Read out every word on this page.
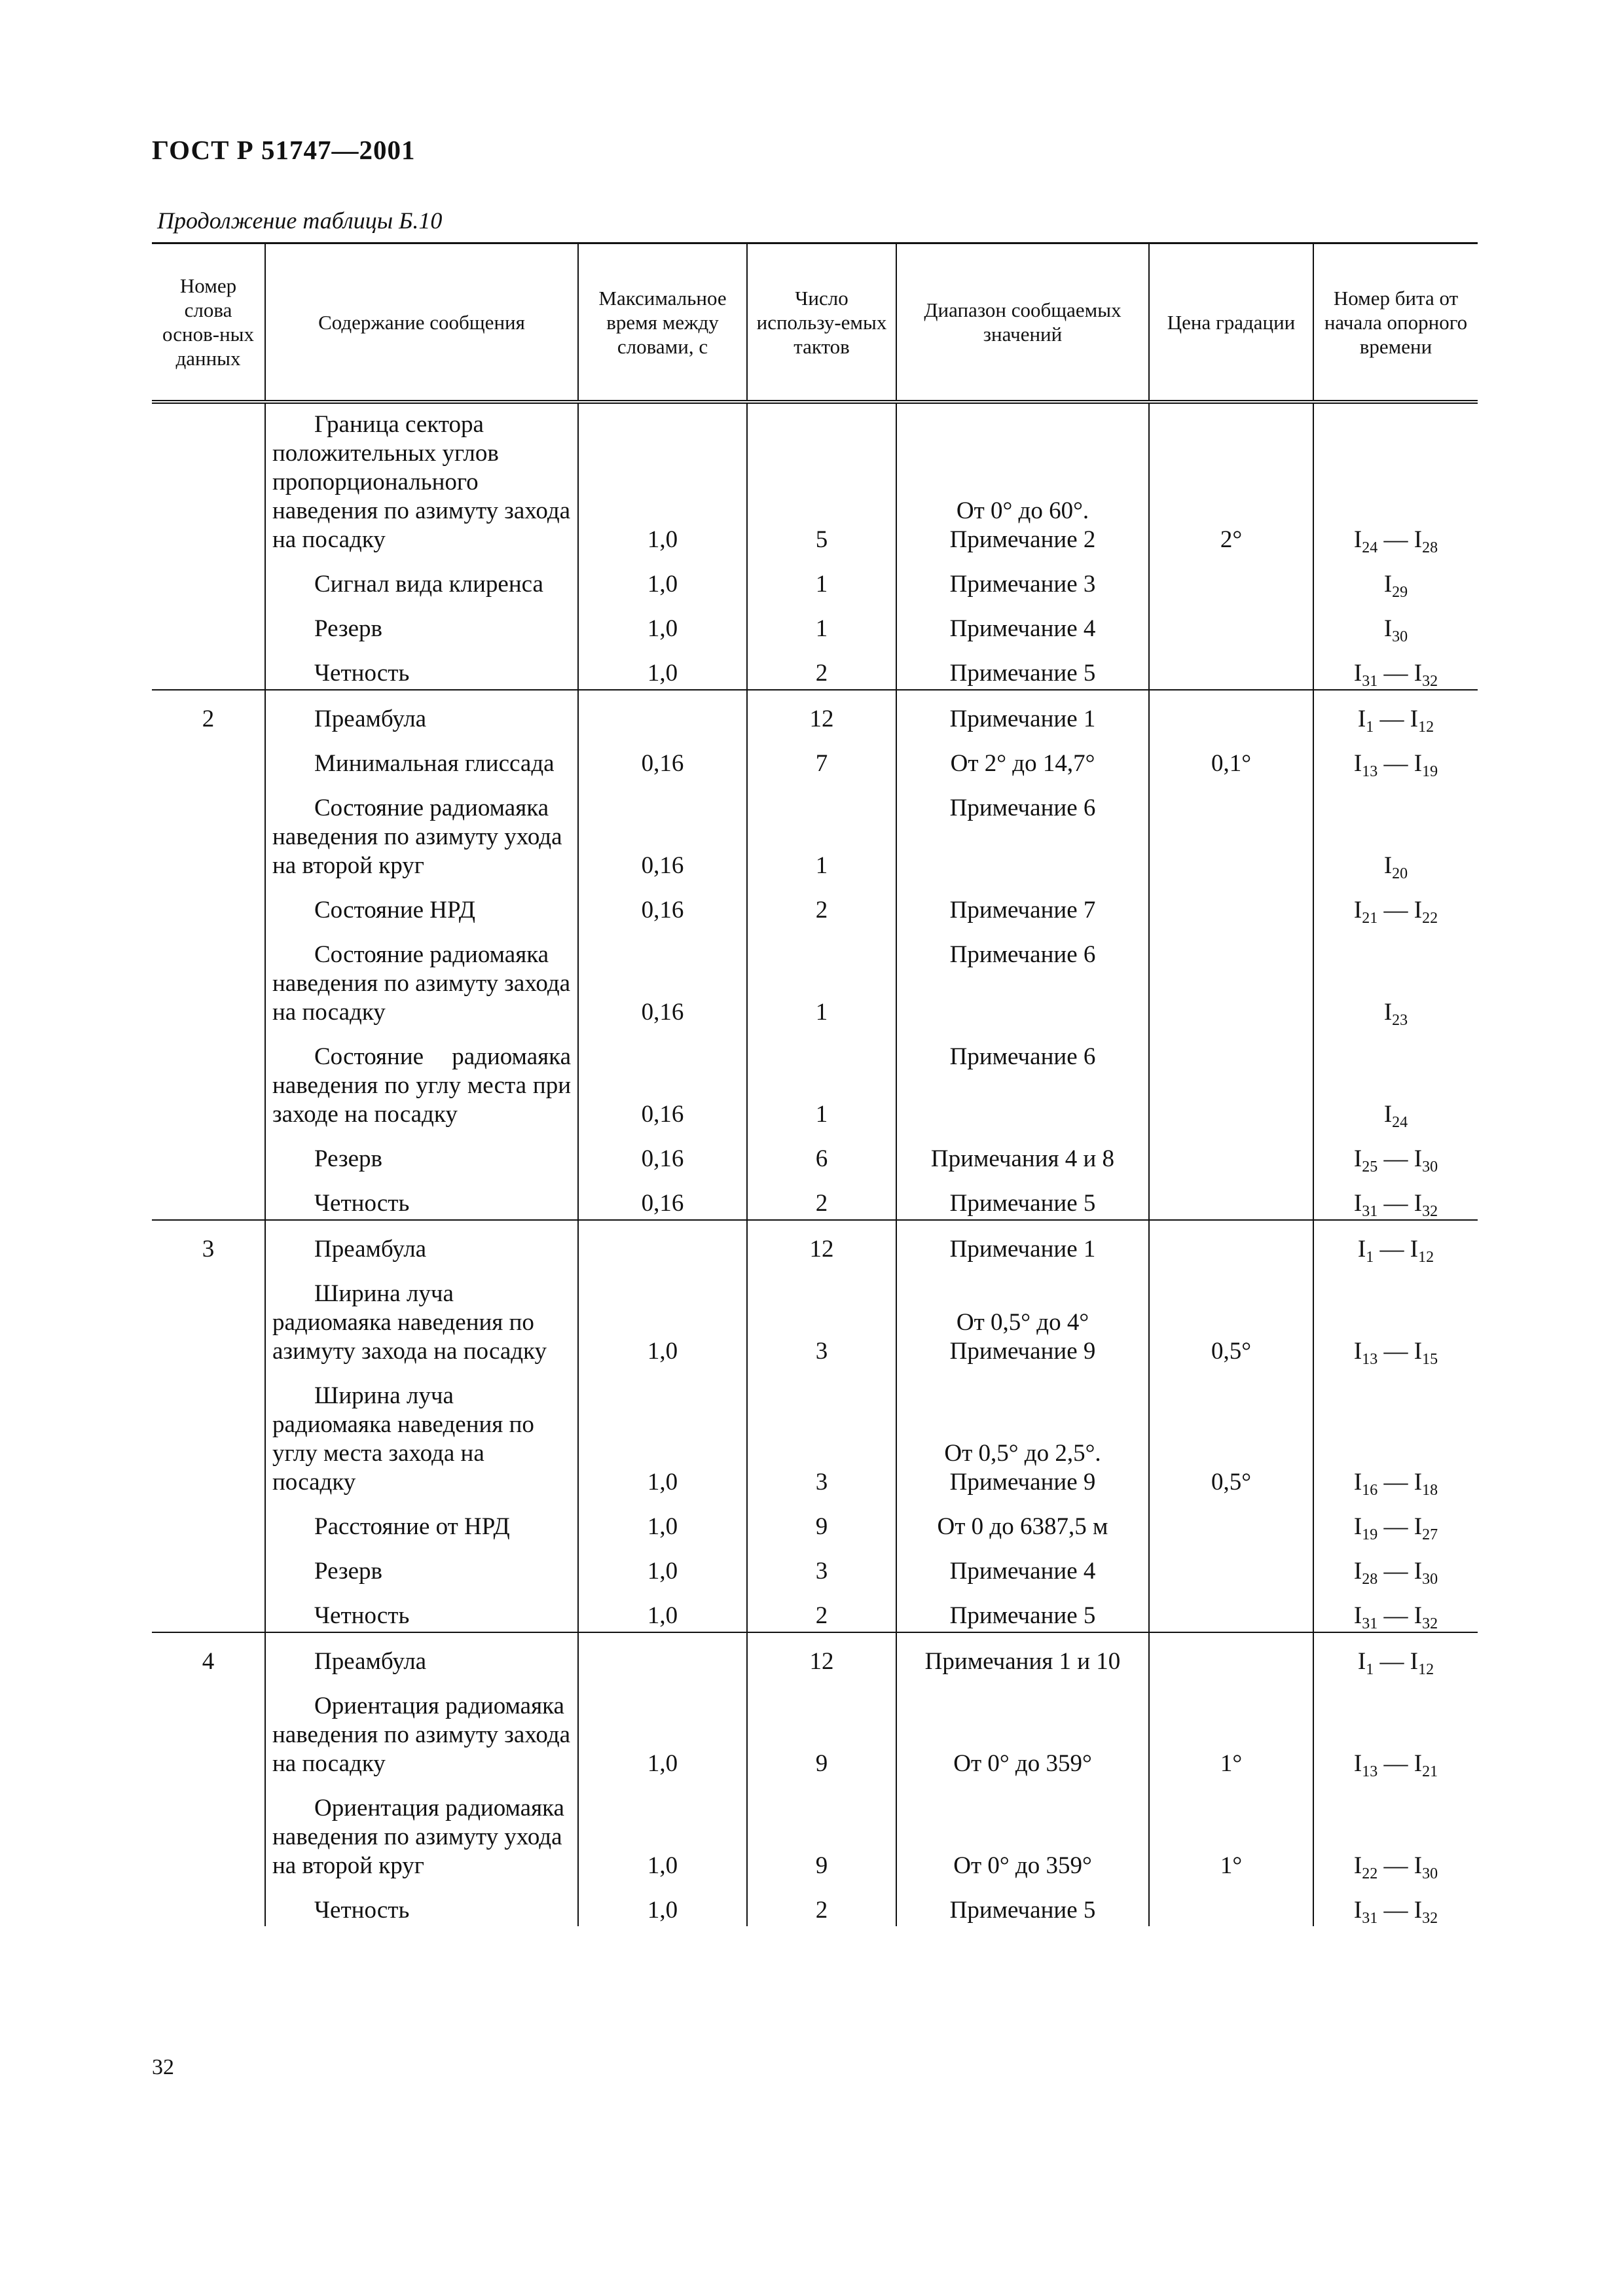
ГОСТ Р 51747—2001
Продолжение таблицы Б.10
Номер слова основ-ных данных	Содержание сообщения	Максимальное время между словами, с	Число использу-емых тактов	Диапазон сообщаемых значений	Цена градации	Номер бита от начала опорного времени

	Граница сектора положительных углов пропорционального наведения по азимуту захода на посадку	1,0	5	От 0° до 60°. Примечание 2	2°	$I_{24}$ — $I_{28}$

	Сигнал вида клиренса	1,0	1	Примечание 3		$I_{29}$

	Резерв	1,0	1	Примечание 4		$I_{30}$

	Четность	1,0	2	Примечание 5		$I_{31}$ — $I_{32}$
2	Преамбула		12	Примечание 1		$I_1$ — $I_{12}$

	Минимальная глиссада	0,16	7	От 2° до 14,7°	0,1°	$I_{13}$ — $I_{19}$

	Состояние радиомаяка наведения по азимуту ухода на второй круг	0,16	1	Примечание 6		$I_{20}$

	Состояние НРД	0,16	2	Примечание 7		$I_{21}$ — $I_{22}$

	Состояние радиомаяка наведения по азимуту захода на посадку	0,16	1	Примечание 6		$I_{23}$

	Состояние радиомаяка наведения по углу места при заходе на посадку	0,16	1	Примечание 6		$I_{24}$

	Резерв	0,16	6	Примечания 4 и 8		$I_{25}$ — $I_{30}$

	Четность	0,16	2	Примечание 5		$I_{31}$ — $I_{32}$
3	Преамбула		12	Примечание 1		$I_1$ — $I_{12}$

	Ширина луча радиомаяка наведения по азимуту захода на посадку	1,0	3	От 0,5° до 4° Примечание 9	0,5°	$I_{13}$ — $I_{15}$

	Ширина луча радиомаяка наведения по углу места захода на посадку	1,0	3	От 0,5° до 2,5°. Примечание 9	0,5°	$I_{16}$ — $I_{18}$

	Расстояние от НРД	1,0	9	От 0 до 6387,5 м		$I_{19}$ — $I_{27}$

	Резерв	1,0	3	Примечание 4		$I_{28}$ — $I_{30}$

	Четность	1,0	2	Примечание 5		$I_{31}$ — $I_{32}$
4	Преамбула		12	Примечания 1 и 10		$I_1$ — $I_{12}$

	Ориентация радиомаяка наведения по азимуту захода на посадку	1,0	9	От 0° до 359°	1°	$I_{13}$ — $I_{21}$

	Ориентация радиомаяка наведения по азимуту ухода на второй круг	1,0	9	От 0° до 359°	1°	$I_{22}$ — $I_{30}$

	Четность	1,0	2	Примечание 5		$I_{31}$ — $I_{32}$
32
